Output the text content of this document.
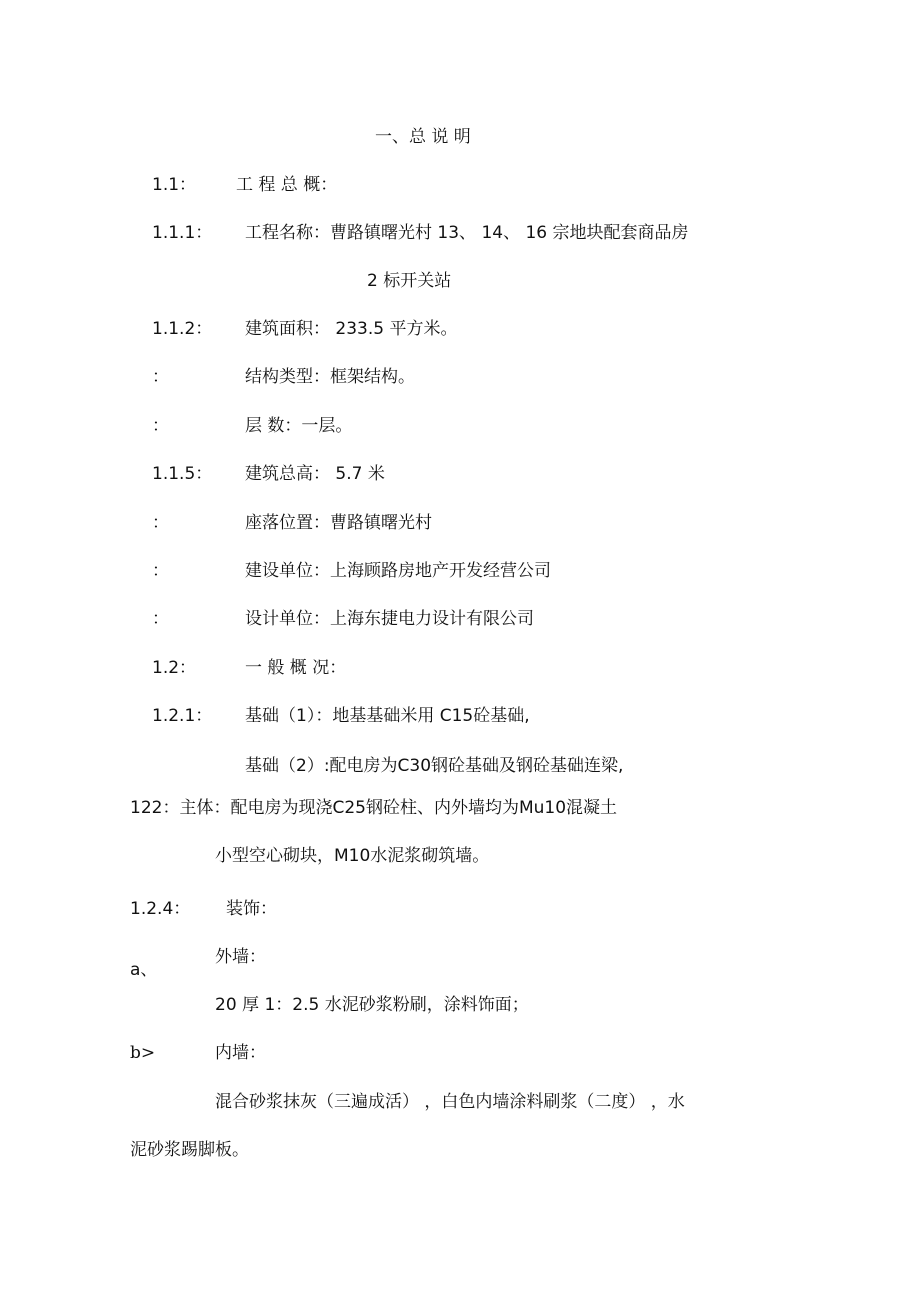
一、总 说 明
1.1： 工 程 总 概：
1.1.1： 工程名称：曹路镇曙光村 13、 14、 16 宗地块配套商品房
2 标开关站
1.1.2： 建筑面积： 233.5 平方米。
：	结构类型：框架结构。
：	层 数：一层。
1.1.5： 建筑总高： 5.7 米
：	座落位置：曹路镇曙光村
：	建设单位：上海顾路房地产开发经营公司
：	设计单位：上海东捷电力设计有限公司
1.2：	一 般 概 况：
1.2.1： 基础（1）：地基基础米用 C15砼基础,
基础（2）:配电房为C30钢砼基础及钢砼基础连梁,
122：主体：配电房为现浇C25钢砼柱、内外墙均为Mu10混凝土
小型空心砌块，M10水泥浆砌筑墙。
1.2.4： 装饰：
a、
外墙：
20 厚 1：2.5 水泥砂浆粉刷，涂料饰面；
b>	内墙：
混合砂浆抹灰（三遍成活） ，白色内墙涂料刷浆（二度） ，水
泥砂浆踢脚板。
